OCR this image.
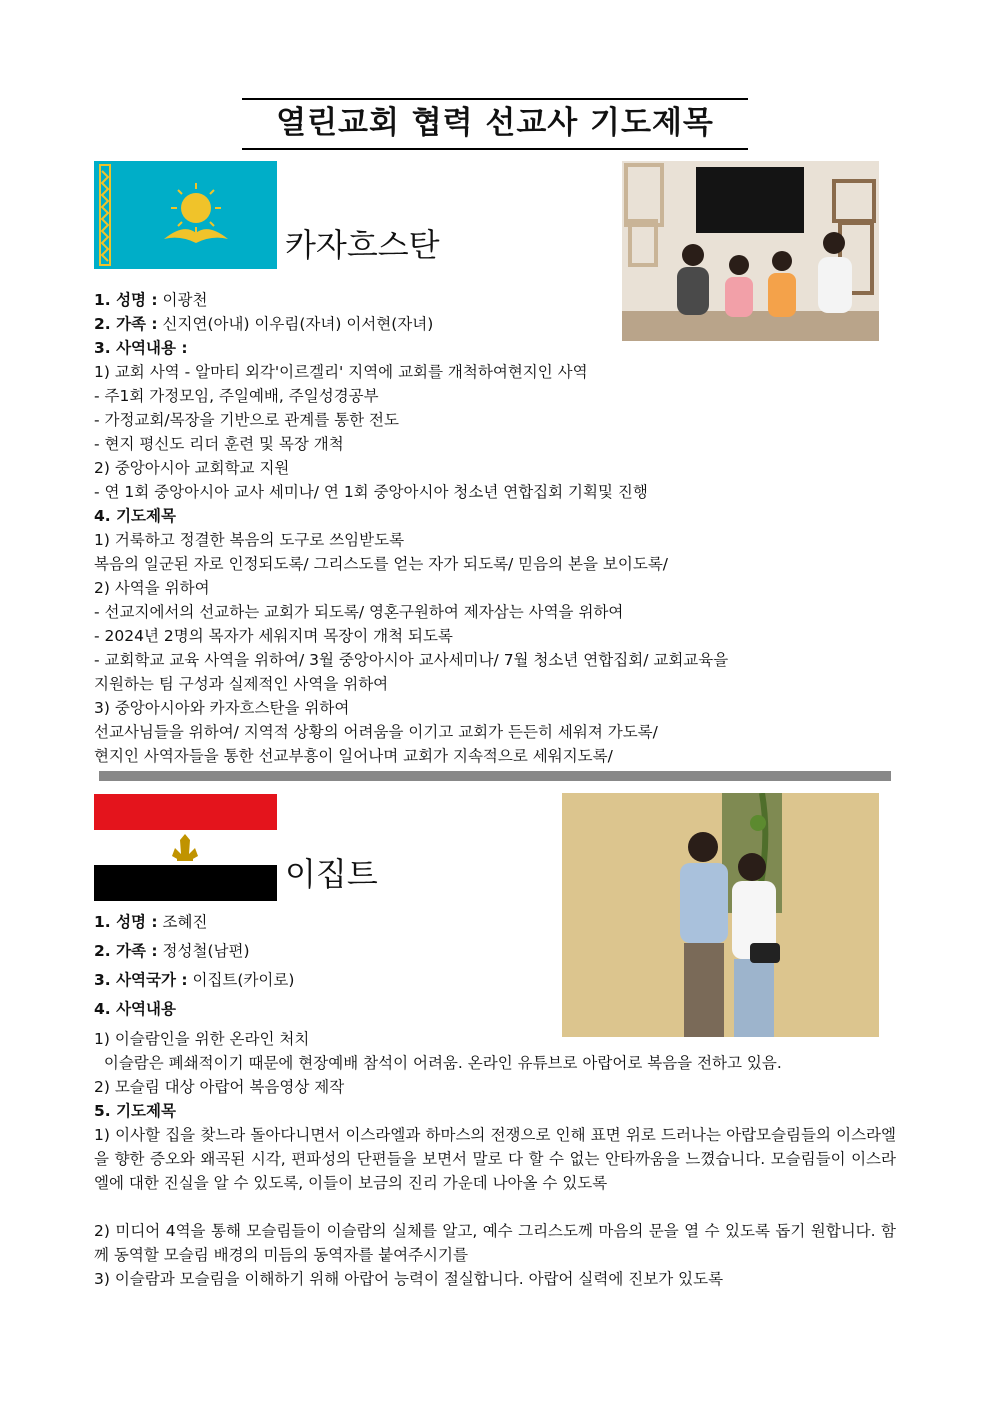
열린교회 협력 선교사 기도제목
카자흐스탄
1. 성명 : 이광천
2. 가족 : 신지연(아내) 이우림(자녀) 이서현(자녀)
3. 사역내용 :
1) 교회 사역 - 알마티 외각'이르겔리' 지역에 교회를 개척하여현지인 사역
- 주1회 가정모임, 주일예배, 주일성경공부
- 가정교회/목장을 기반으로 관계를 통한 전도
- 현지 평신도 리더 훈련 및 목장 개척
2) 중앙아시아 교회학교 지원
- 연 1회 중앙아시아 교사 세미나/ 연 1회 중앙아시아 청소년 연합집회 기획및 진행
4. 기도제목
1) 거룩하고 정결한 복음의 도구로 쓰임받도록
복음의 일군된 자로 인정되도록/ 그리스도를 얻는 자가 되도록/ 믿음의 본을 보이도록/
2) 사역을 위하여
- 선교지에서의 선교하는 교회가 되도록/ 영혼구원하여 제자삼는 사역을 위하여
- 2024년 2명의 목자가 세워지며 목장이 개척 되도록
- 교회학교 교육 사역을 위하여/ 3월 중앙아시아 교사세미나/ 7월 청소년 연합집회/ 교회교육을
지원하는 팀 구성과 실제적인 사역을 위하여
3) 중앙아시아와 카자흐스탄을 위하여
선교사님들을 위하여/ 지역적 상황의 어려움을 이기고 교회가 든든히 세워져 가도록/
현지인 사역자들을 통한 선교부흥이 일어나며 교회가 지속적으로 세워지도록/
이집트
1. 성명 : 조혜진
2. 가족 : 정성철(남편)
3. 사역국가 : 이집트(카이로)
4. 사역내용
1) 이슬람인을 위한 온라인 처치
이슬람은 폐쇄적이기 때문에 현장예배 참석이 어려움. 온라인 유튜브로 아랍어로 복음을 전하고 있음.
2) 모슬림 대상 아랍어 복음영상 제작
5. 기도제목
1) 이사할 집을 찾느라 돌아다니면서 이스라엘과 하마스의 전쟁으로 인해 표면 위로 드러나는 아랍모슬림들의 이스라엘을 향한 증오와 왜곡된 시각, 편파성의 단편들을 보면서 말로 다 할 수 없는 안타까움을 느꼈습니다. 모슬림들이 이스라엘에 대한 진실을 알 수 있도록, 이들이 보금의 진리 가운데 나아올 수 있도록
2) 미디어 4역을 통해 모슬림들이 이슬람의 실체를 알고, 예수 그리스도께 마음의 문을 열 수 있도록 돕기 원합니다. 함께 동역할 모슬림 배경의 미듬의 동역자를 붙여주시기를
3) 이슬람과 모슬림을 이해하기 위해 아랍어 능력이 절실합니다. 아랍어 실력에 진보가 있도록
